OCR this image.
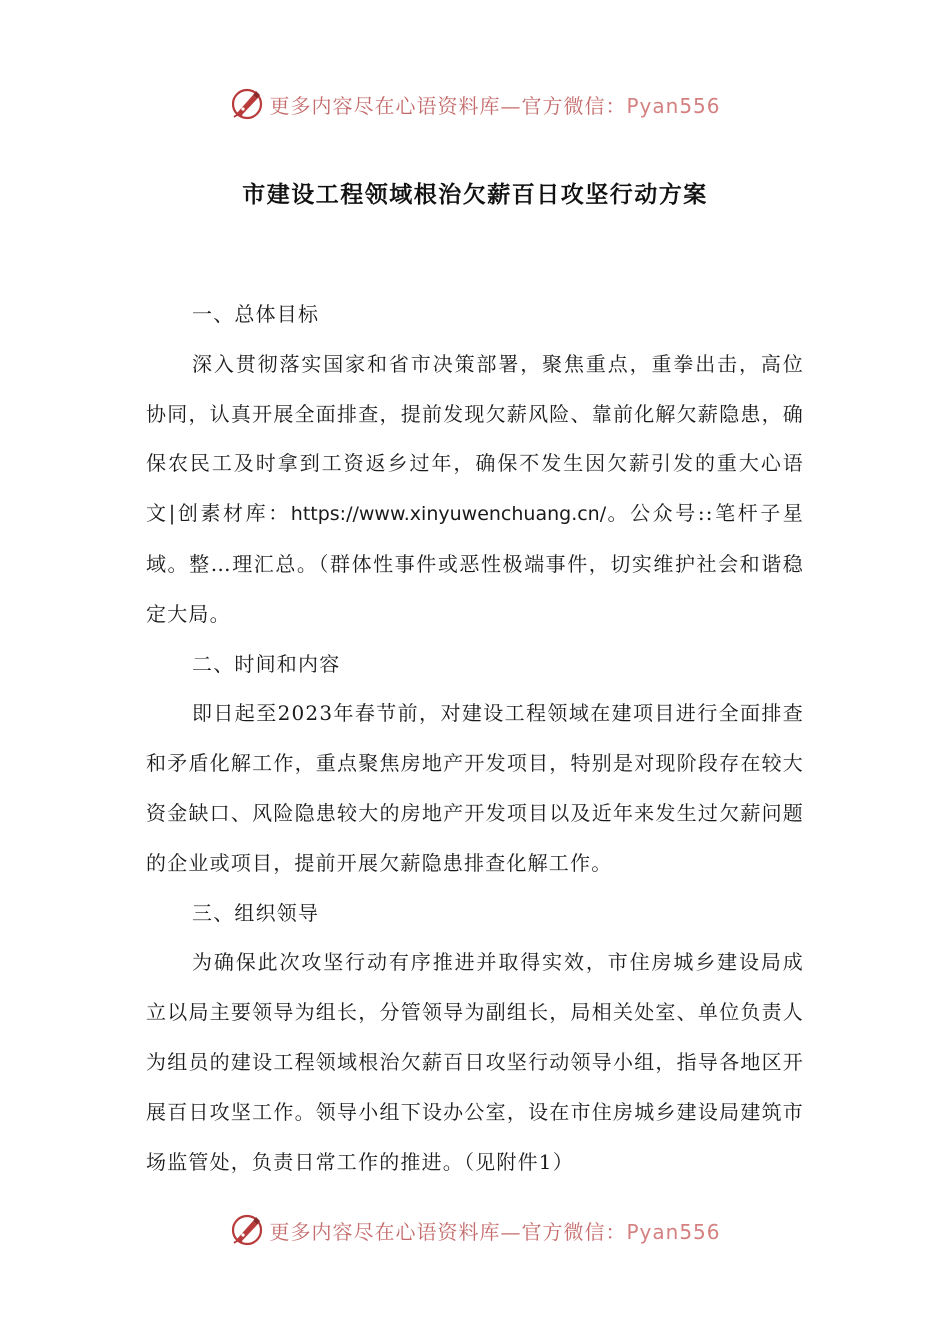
更多内容尽在心语资料库—官方微信：Pyan556
市建设工程领域根治欠薪百日攻坚行动方案

一、总体目标

深入贯彻落实国家和省市决策部署，聚焦重点，重拳出击，高位协同，认真开展全面排查，提前发现欠薪风险、靠前化解欠薪隐患，确保农民工及时拿到工资返乡过年，确保不发生因欠薪引发的重大心语文|创素材库：https://www.xinyuwenchuang.cn/。公众号::笔杆子星域。整…理汇总。（群体性事件或恶性极端事件，切实维护社会和谐稳定大局。

二、时间和内容

即日起至2023年春节前，对建设工程领域在建项目进行全面排查和矛盾化解工作，重点聚焦房地产开发项目，特别是对现阶段存在较大资金缺口、风险隐患较大的房地产开发项目以及近年来发生过欠薪问题的企业或项目，提前开展欠薪隐患排查化解工作。

三、组织领导

为确保此次攻坚行动有序推进并取得实效，市住房城乡建设局成立以局主要领导为组长，分管领导为副组长，局相关处室、单位负责人为组员的建设工程领域根治欠薪百日攻坚行动领导小组，指导各地区开展百日攻坚工作。领导小组下设办公室，设在市住房城乡建设局建筑市场监管处，负责日常工作的推进。（见附件1）

更多内容尽在心语资料库—官方微信：Pyan556
